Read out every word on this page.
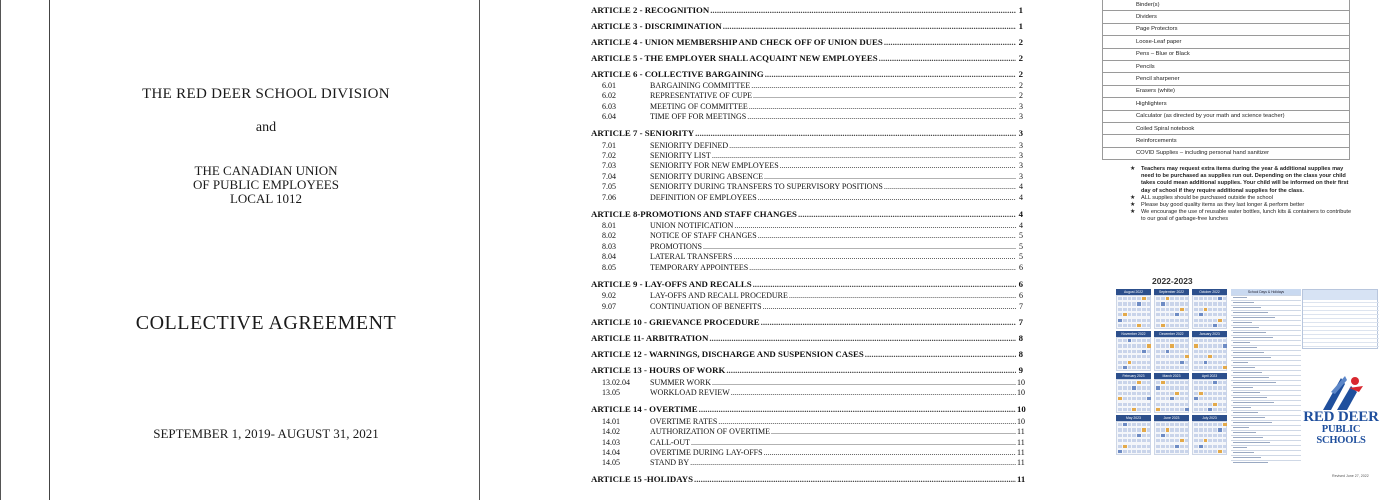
THE RED DEER SCHOOL DIVISION
and
THE CANADIAN UNION
OF PUBLIC EMPLOYEES
LOCAL 1012
COLLECTIVE AGREEMENT
SEPTEMBER 1, 2019- AUGUST 31, 2021
ARTICLE 2 - RECOGNITION .....	1
ARTICLE 3 - DISCRIMINATION .....	1
ARTICLE 4 - UNION MEMBERSHIP AND CHECK OFF OF UNION DUES .....	2
ARTICLE 5 - THE EMPLOYER SHALL ACQUAINT NEW EMPLOYEES .....	2
ARTICLE 6 - COLLECTIVE BARGAINING .....	2
6.01	BARGAINING COMMITTEE .....	2
6.02	REPRESENTATIVE OF CUPE .....	2
6.03	MEETING OF COMMITTEE .....	3
6.04	TIME OFF FOR MEETINGS .....	3
ARTICLE 7 - SENIORITY .....	3
7.01	SENIORITY DEFINED .....	3
7.02	SENIORITY LIST .....	3
7.03	SENIORITY FOR NEW EMPLOYEES .....	3
7.04	SENIORITY DURING ABSENCE .....	3
7.05	SENIORITY DURING TRANSFERS TO SUPERVISORY POSITIONS .....	4
7.06	DEFINITION OF EMPLOYEES .....	4
ARTICLE 8-PROMOTIONS AND STAFF CHANGES .....	4
8.01	UNION NOTIFICATION .....	4
8.02	NOTICE OF STAFF CHANGES .....	5
8.03	PROMOTIONS .....	5
8.04	LATERAL TRANSFERS .....	5
8.05	TEMPORARY APPOINTEES .....	6
ARTICLE 9 - LAY-OFFS AND RECALLS .....	6
9.02	LAY-OFFS AND RECALL PROCEDURE .....	6
9.07	CONTINUATION OF BENEFITS .....	7
ARTICLE 10 - GRIEVANCE PROCEDURE .....	7
ARTICLE 11- ARBITRATION .....	8
ARTICLE 12 - WARNINGS, DISCHARGE AND SUSPENSION CASES .....	8
ARTICLE 13 - HOURS OF WORK .....	9
13.02.04	SUMMER WORK .....	10
13.05	WORKLOAD REVIEW .....	10
ARTICLE 14 - OVERTIME .....	10
14.01	OVERTIME RATES .....	10
14.02	AUTHORIZATION OF OVERTIME .....	11
14.03	CALL-OUT .....	11
14.04	OVERTIME DURING LAY-OFFS .....	11
14.05	STAND BY .....	11
ARTICLE 15 -HOLIDAYS .....	11
Binder(s)
Dividers
Page Protectors
Loose-Leaf paper
Pens – Blue or Black
Pencils
Pencil sharpener
Erasers (white)
Highlighters
Calculator (as directed by your math and science teacher)
Coiled Spiral notebook
Reinforcements
COVID Supplies – including personal hand sanitizer
★ Teachers may request extra items during the year & additional supplies may need to be purchased as supplies run out. Depending on the class your child takes could mean additional supplies. Your child will be informed on their first day of school if they require additional supplies for the class.
★ ALL supplies should be purchased outside the school
★ Please buy good quality items as they last longer & perform better
★ We encourage the use of reusable water bottles, lunch kits & containers to contribute to our goal of garbage-free lunches
2022-2023
August 2022	September 2022	October 2022
November 2022	December 2022	January 2023
February 2023	March 2023	April 2023
May 2023	June 2023	July 2023
School Days & Holidays
RED DEER
PUBLIC SCHOOLS
Revised June 27, 2022
